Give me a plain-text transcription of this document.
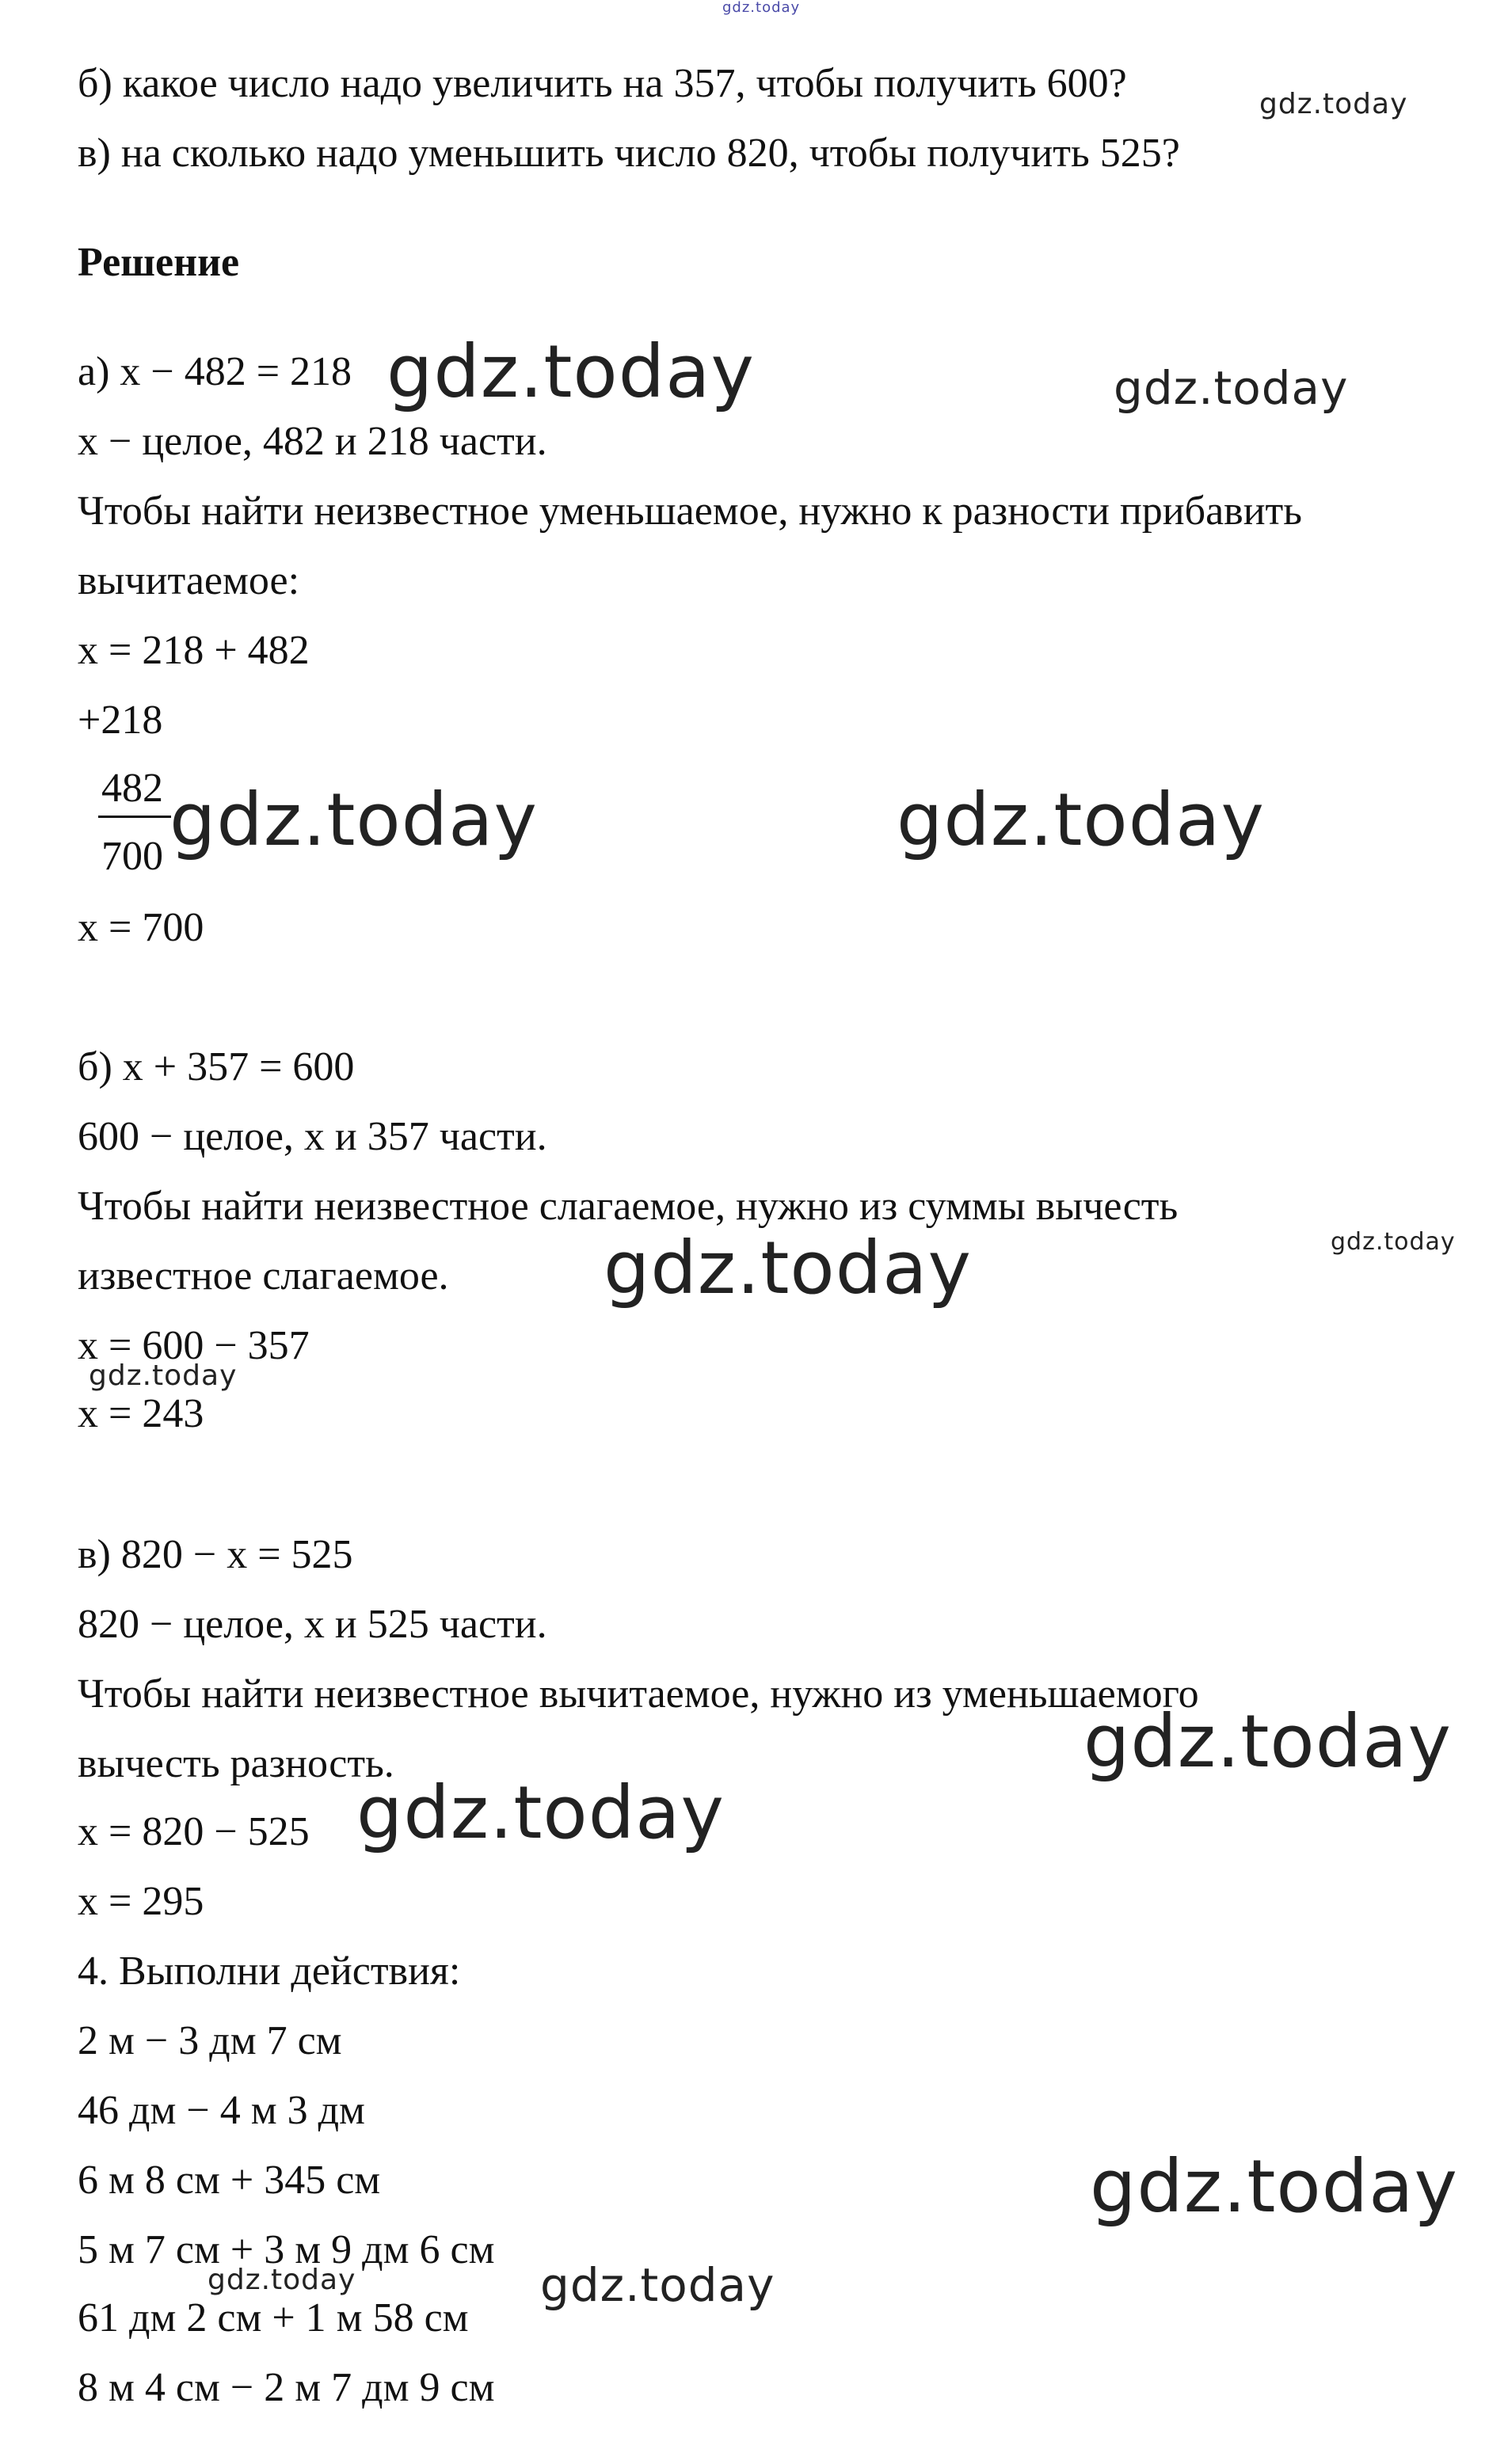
gdz.today
б) какое число надо увеличить на 357, чтобы получить 600?	gdz.today
в) на сколько надо уменьшить число 820, чтобы получить 525?
Решение
а) х − 482 = 218 gdz.today	gdz.today
х − целое, 482 и 218 части.
Чтобы найти неизвестное уменьшаемое, нужно к разности прибавить
вычитаемое:
х = 218 + 482
+218
482
700 gdz.today	gdz.today
х = 700
б) х + 357 = 600
600 − целое, х и 357 части.
Чтобы найти неизвестное слагаемое, нужно из суммы вычесть
gdz.today
известное слагаемое. gdz.today
х = 600 − 357
gdz.today
х = 243
в) 820 − х = 525
820 − целое, х и 525 части.
Чтобы найти неизвестное вычитаемое, нужно из уменьшаемого
вычесть разность.	gdz.today
х = 820 − 525 gdz.today
х = 295
4. Выполни действия:
2 м − 3 дм 7 см
46 дм − 4 м 3 дм
6 м 8 см + 345 см	gdz.today
5 м 7 см + 3 м 9 дм 6 см
gdz.today	gdz.today
61 дм 2 см + 1 м 58 см
8 м 4 см − 2 м 7 дм 9 см
